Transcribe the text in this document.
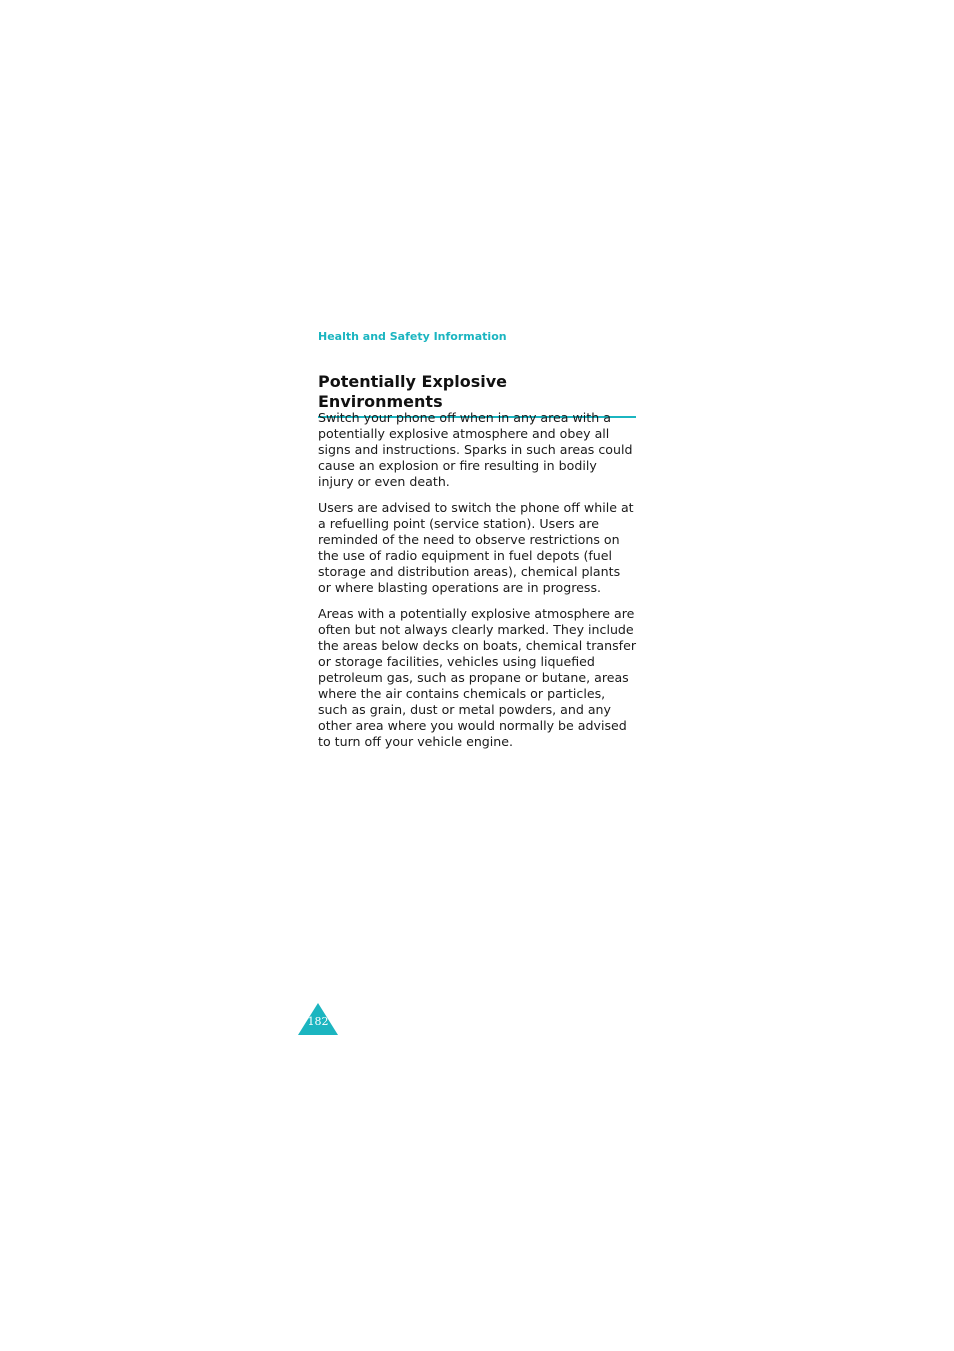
Health and Safety Information
Potentially Explosive Environments

Switch your phone off when in any area with a potentially explosive atmosphere and obey all signs and instructions. Sparks in such areas could cause an explosion or fire resulting in bodily injury or even death.

Users are advised to switch the phone off while at a refuelling point (service station). Users are reminded of the need to observe restrictions on the use of radio equipment in fuel depots (fuel storage and distribution areas), chemical plants or where blasting operations are in progress.

Areas with a potentially explosive atmosphere are often but not always clearly marked. They include the areas below decks on boats, chemical transfer or storage facilities, vehicles using liquefied petroleum gas, such as propane or butane, areas where the air contains chemicals or particles, such as grain, dust or metal powders, and any other area where you would normally be advised to turn off your vehicle engine.

182
